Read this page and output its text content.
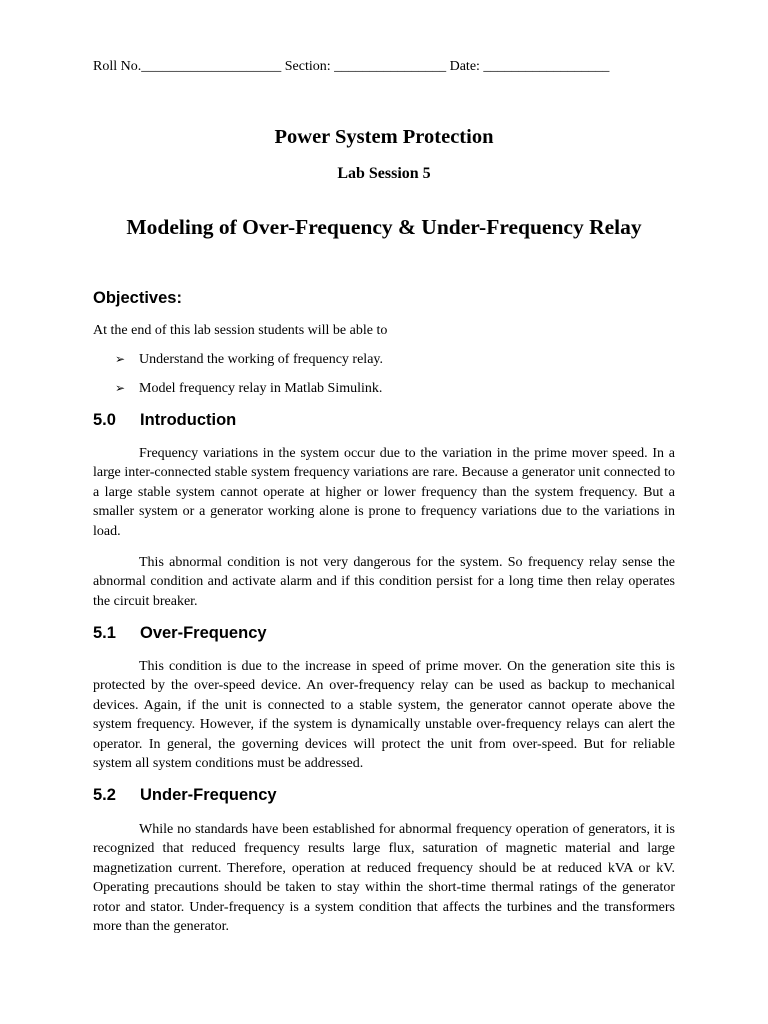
Roll No.____________________ Section: ________________ Date: __________________
Power System Protection
Lab Session 5
Modeling of Over-Frequency & Under-Frequency Relay
Objectives:
At the end of this lab session students will be able to
➢ Understand the working of frequency relay.
➢ Model frequency relay in Matlab Simulink.
5.0 Introduction
Frequency variations in the system occur due to the variation in the prime mover speed. In a large inter-connected stable system frequency variations are rare. Because a generator unit connected to a large stable system cannot operate at higher or lower frequency than the system frequency. But a smaller system or a generator working alone is prone to frequency variations due to the variations in load.
This abnormal condition is not very dangerous for the system. So frequency relay sense the abnormal condition and activate alarm and if this condition persist for a long time then relay operates the circuit breaker.
5.1 Over-Frequency
This condition is due to the increase in speed of prime mover. On the generation site this is protected by the over-speed device. An over-frequency relay can be used as backup to mechanical devices. Again, if the unit is connected to a stable system, the generator cannot operate above the system frequency. However, if the system is dynamically unstable over-frequency relays can alert the operator. In general, the governing devices will protect the unit from over-speed. But for reliable system all system conditions must be addressed.
5.2 Under-Frequency
While no standards have been established for abnormal frequency operation of generators, it is recognized that reduced frequency results large flux, saturation of magnetic material and large magnetization current. Therefore, operation at reduced frequency should be at reduced kVA or kV. Operating precautions should be taken to stay within the short-time thermal ratings of the generator rotor and stator. Under-frequency is a system condition that affects the turbines and the transformers more than the generator.
